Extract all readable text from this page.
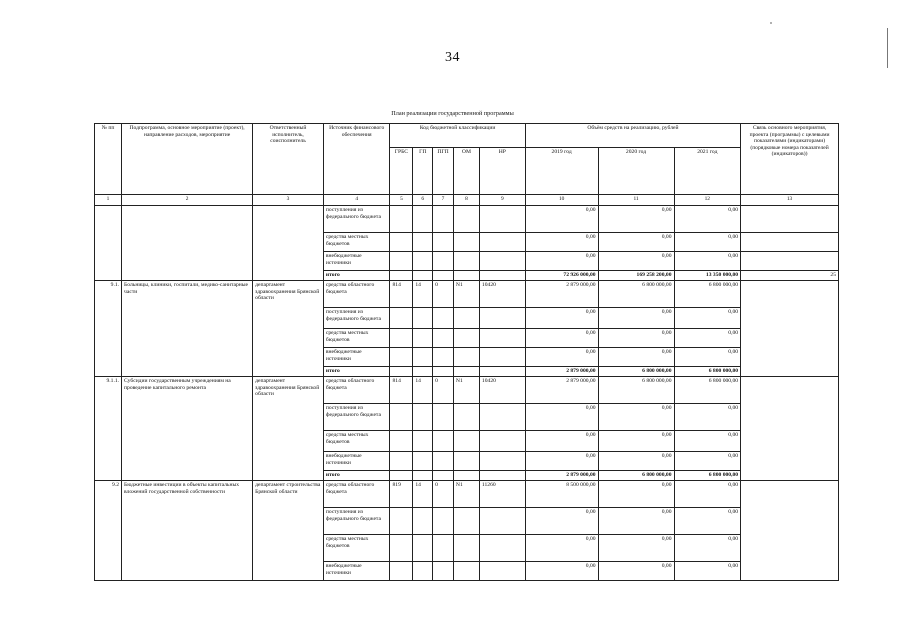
34
План реализации государственной программы
№ пп	Подпрограмма, основное мероприятие (проект), направление расходов, мероприятие	Ответственный исполнитель, соисполнитель	Источник финансового обеспечения	Код бюджетной классификации					Объём средств на реализацию, рублей			Связь основного мероприятия, проекта (программы) с целевыми показателями (индикаторами) (порядковые номера показателей (индикаторов))
				ГРБС	ГП	ПГП	ОМ	НР	2019 год	2020 год	2021 год	
1	2	3	4	5	6	7	8	9	10	11	12	13
			поступления из федерального бюджета						0,00	0,00	0,00	
			средства местных бюджетов						0,00	0,00	0,00	
			внебюджетные источники						0,00	0,00	0,00	
			итого						72 926 000,00	169 258 200,00	13 350 000,00	25
9.1.	Больницы, клиники, госпитали, медико-санитарные части	департамент здравоохранения Брянской области	средства областного бюджета	814	14	0	N1	10420	2 879 000,00	6 800 000,00	6 800 000,00	
			поступления из федерального бюджета						0,00	0,00	0,00	
			средства местных бюджетов						0,00	0,00	0,00	
			внебюджетные источники						0,00	0,00	0,00	
			итого						2 879 000,00	6 800 000,00	6 800 000,00	
9.1.1.	Субсидии государственным учреждениям на проведение капитального ремонта	департамент здравоохранения Брянской области	средства областного бюджета	814	14	0	N1	10420	2 879 000,00	6 800 000,00	6 800 000,00	
			поступления из федерального бюджета						0,00	0,00	0,00	
			средства местных бюджетов						0,00	0,00	0,00	
			внебюджетные источники						0,00	0,00	0,00	
			итого						2 879 000,00	6 800 000,00	6 800 000,00	
9.2	Бюджетные инвестиции в объекты капитальных вложений государственной собственности	департамент строительства Брянской области	средства областного бюджета	819	14	0	N1	11260	8 500 000,00	0,00	0,00	
			поступления из федерального бюджета						0,00	0,00	0,00	
			средства местных бюджетов						0,00	0,00	0,00	
			внебюджетные источники						0,00	0,00	0,00	
